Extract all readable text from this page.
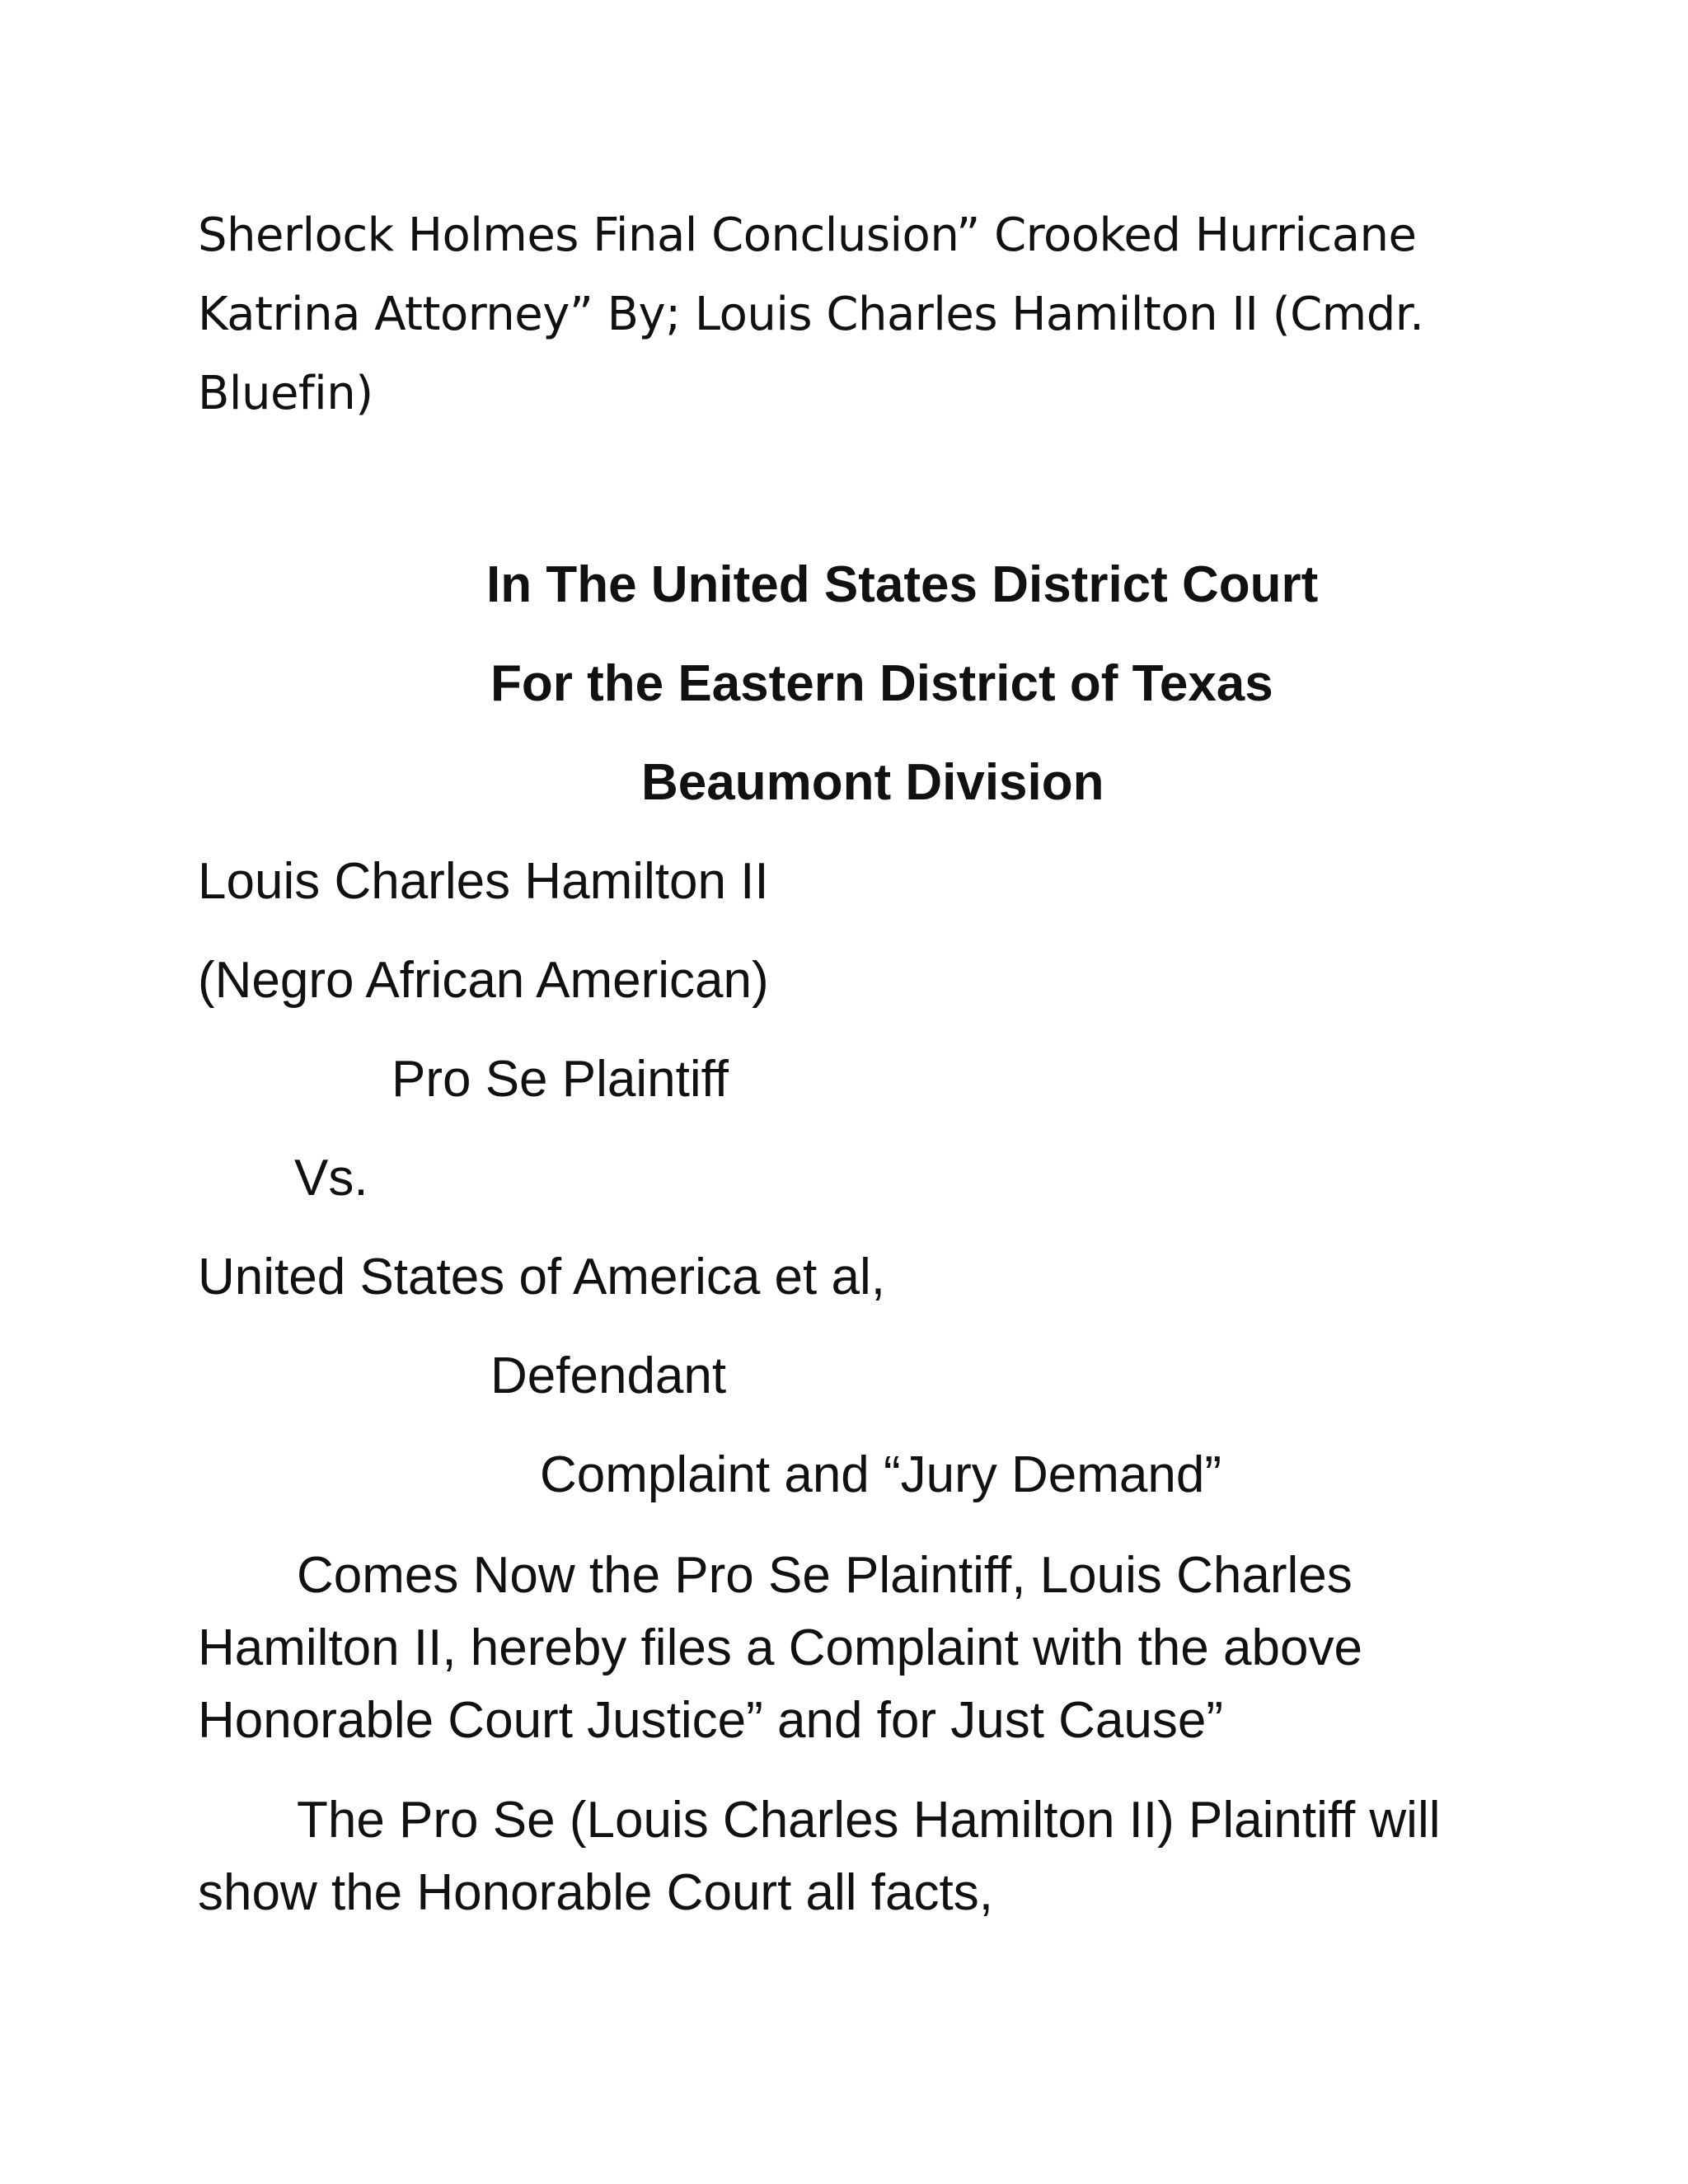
Sherlock Holmes Final Conclusion” Crooked Hurricane Katrina Attorney” By; Louis Charles Hamilton II (Cmdr. Bluefin)

In The United States District Court
For the Eastern District of Texas
Beaumont Division
Louis Charles Hamilton II
(Negro African American)
Pro Se Plaintiff
Vs.
United States of America et al,
Defendant
Complaint and “Jury Demand”

Comes Now the Pro Se Plaintiff, Louis Charles Hamilton II, hereby files a Complaint with the above Honorable Court Justice” and for Just Cause”

The Pro Se (Louis Charles Hamilton II) Plaintiff will show the Honorable Court all facts,
